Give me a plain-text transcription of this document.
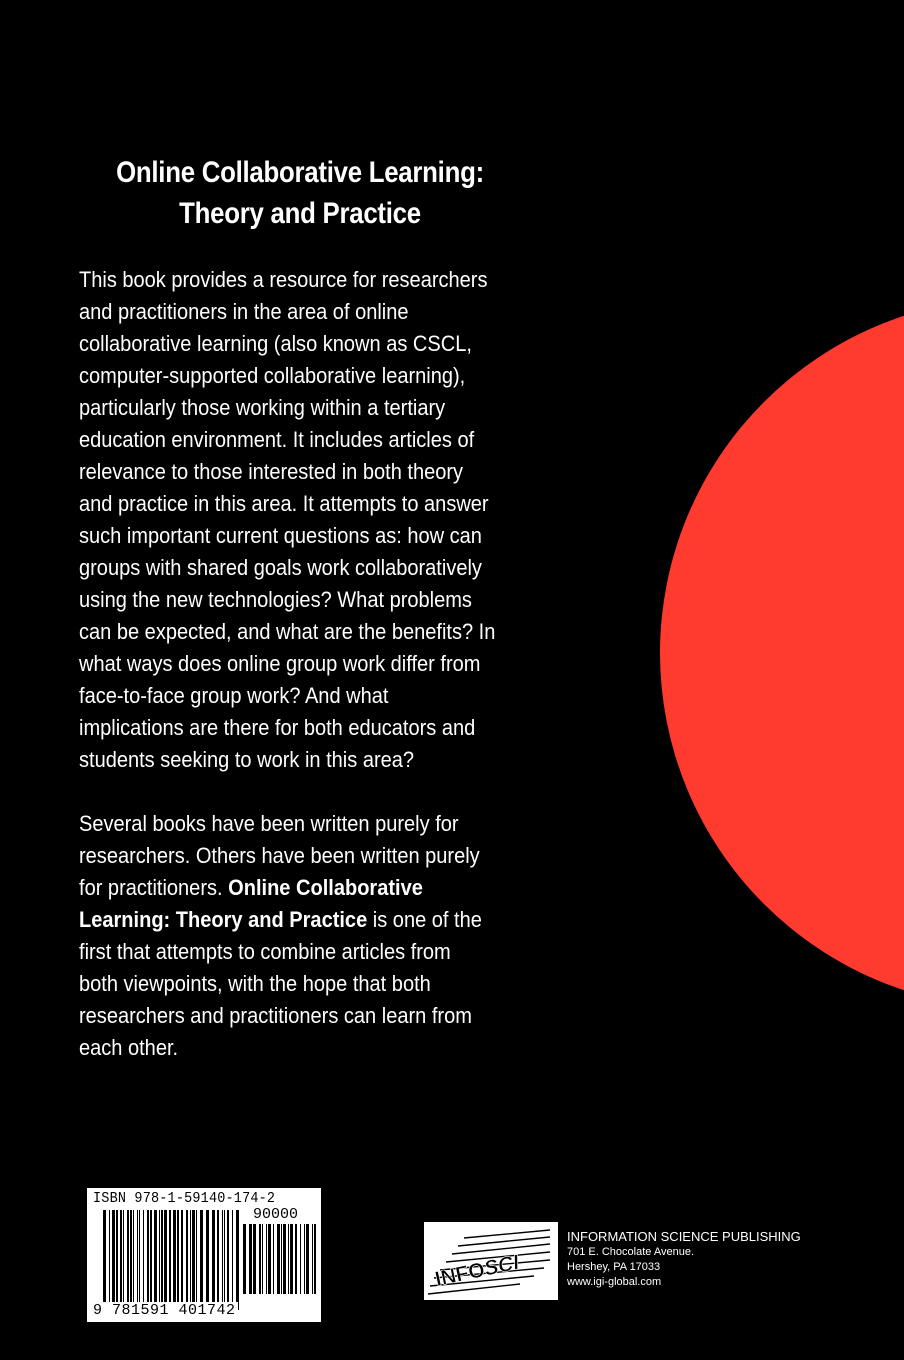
Online Collaborative Learning:
Theory and Practice

This book provides a resource for researchers
and practitioners in the area of online
collaborative learning (also known as CSCL,
computer-supported collaborative learning),
particularly those working within a tertiary
education environment. It includes articles of
relevance to those interested in both theory
and practice in this area. It attempts to answer
such important current questions as: how can
groups with shared goals work collaboratively
using the new technologies? What problems
can be expected, and what are the benefits? In
what ways does online group work differ from
face-to-face group work? And what
implications are there for both educators and
students seeking to work in this area?

Several books have been written purely for
researchers. Others have been written purely
for practitioners. Online Collaborative
Learning: Theory and Practice is one of the
first that attempts to combine articles from
both viewpoints, with the hope that both
researchers and practitioners can learn from
each other.

ISBN 978-1-59140-174-2
90000
9 781591 401742
INFOSCI
INFORMATION SCIENCE PUBLISHING
701 E. Chocolate Avenue.
Hershey, PA 17033
www.igi-global.com
